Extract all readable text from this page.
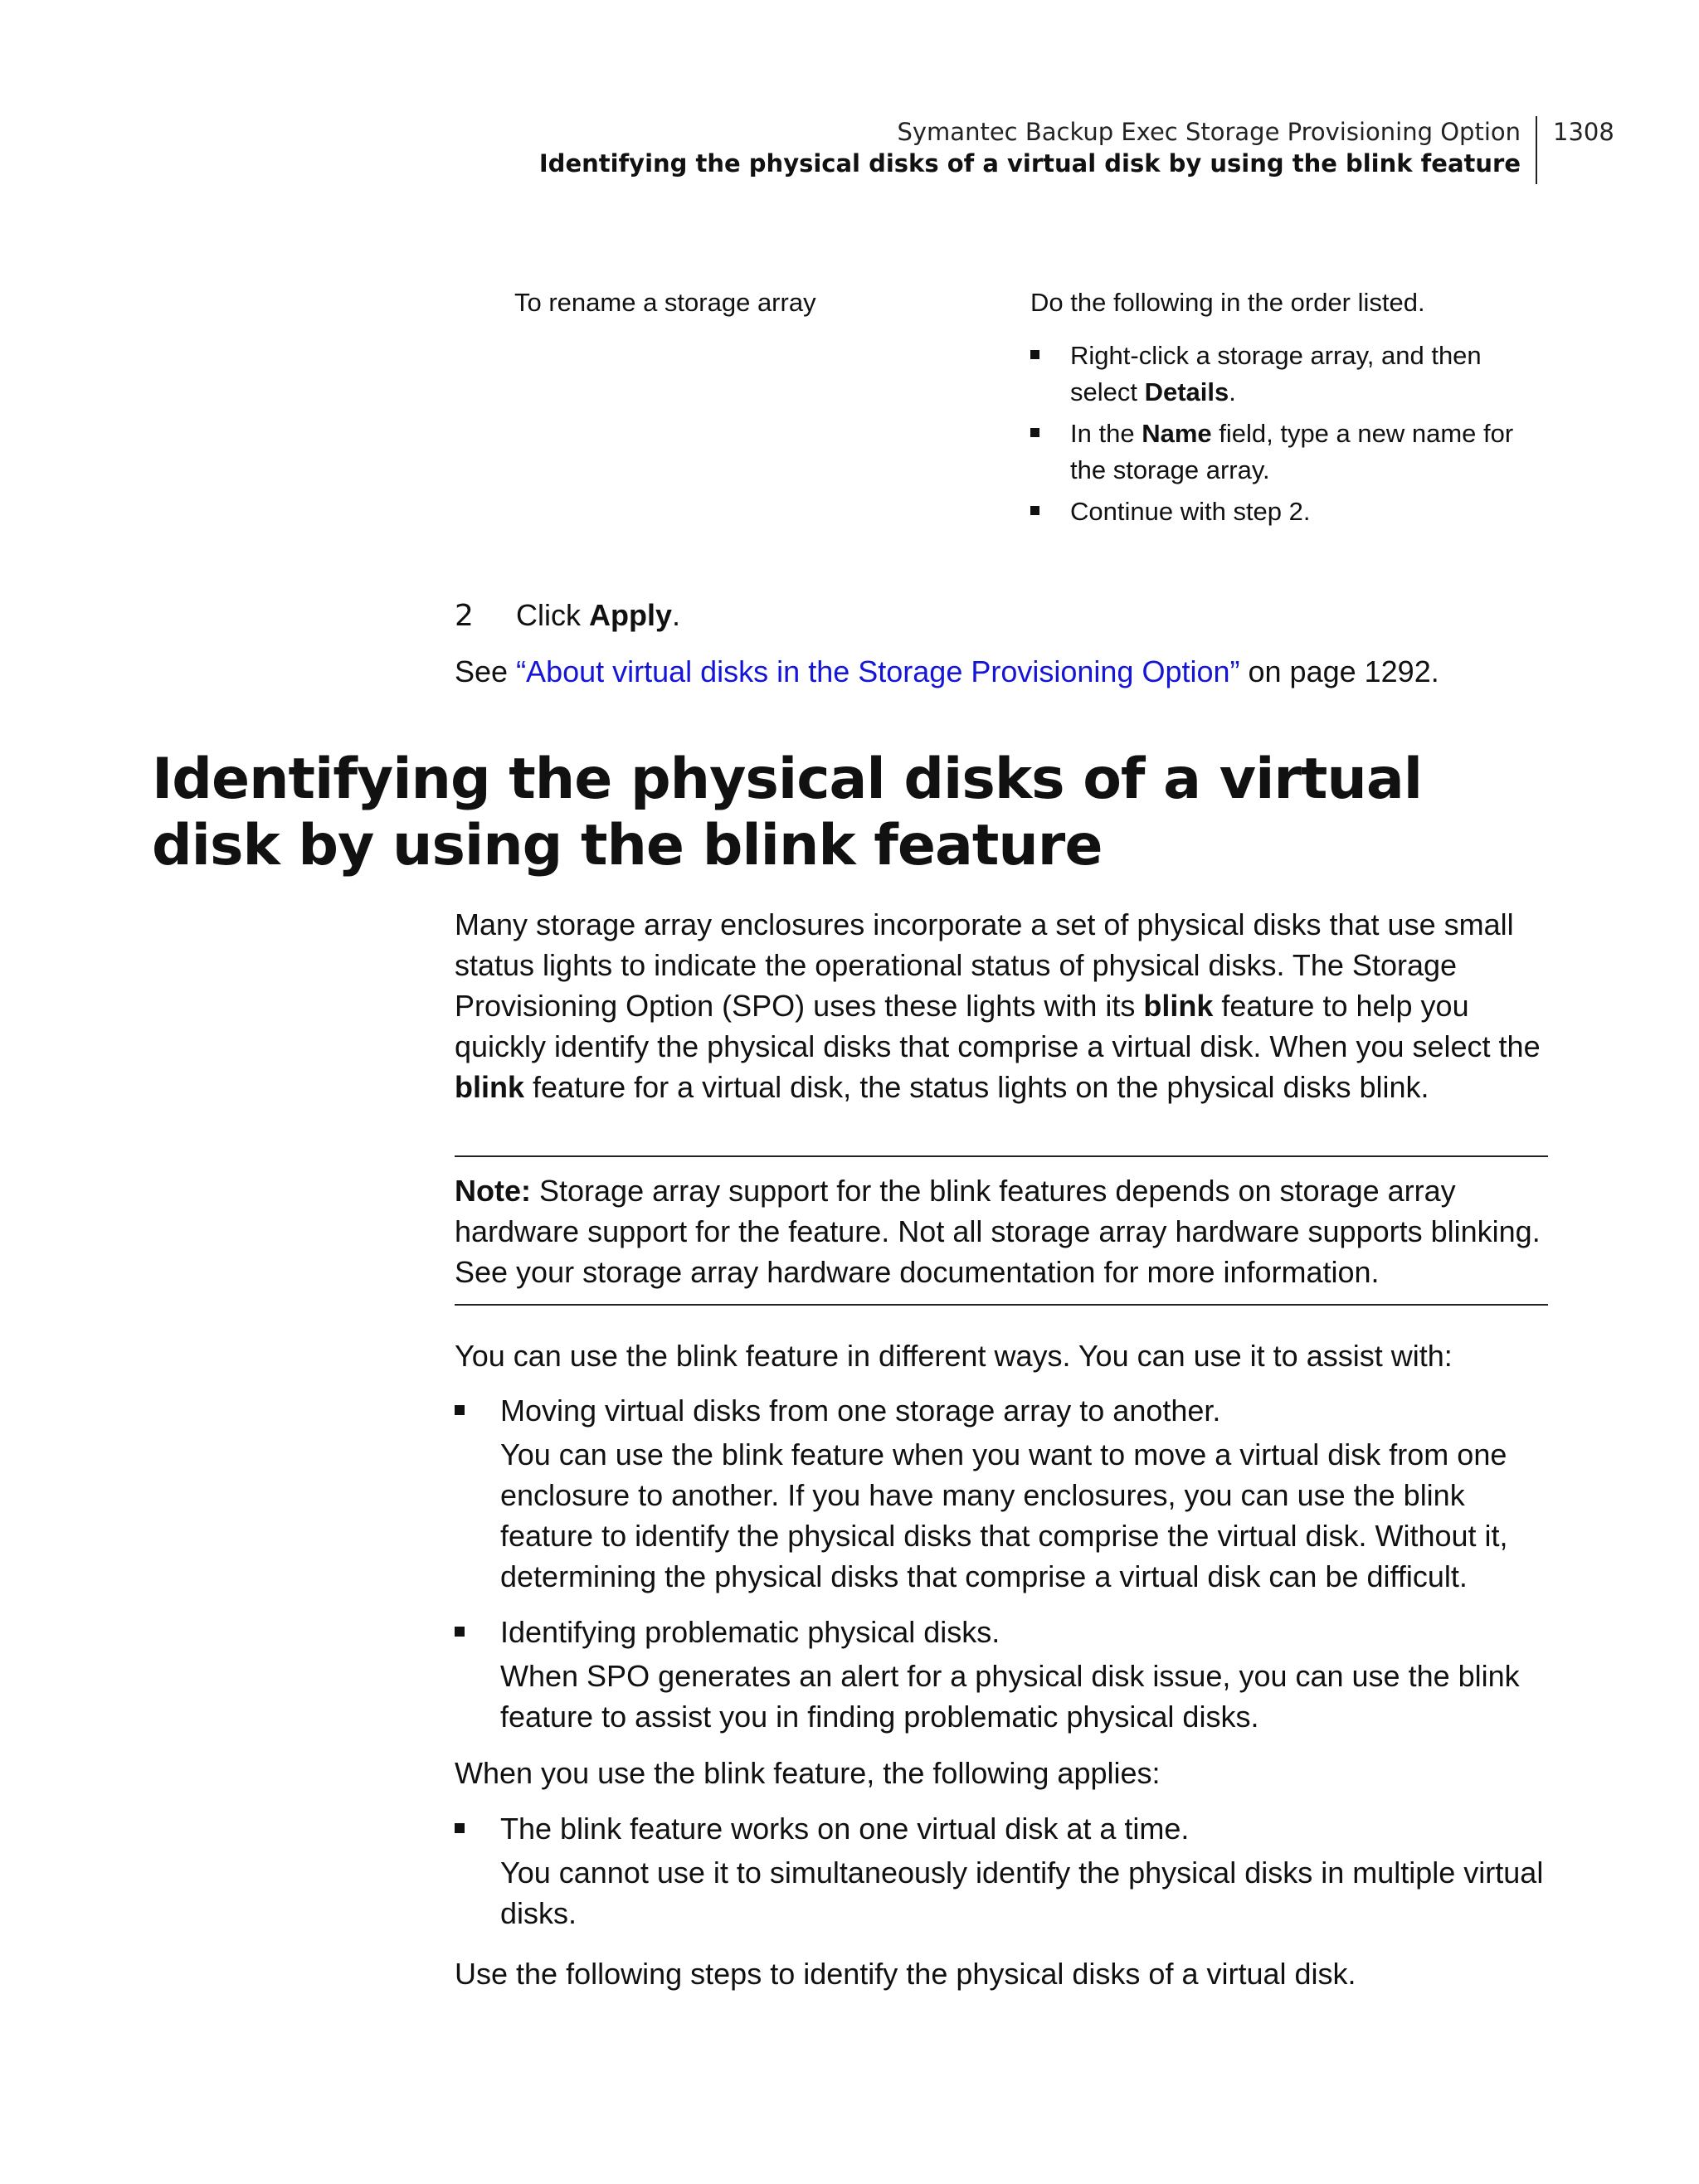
Symantec Backup Exec Storage Provisioning Option
Identifying the physical disks of a virtual disk by using the blink feature
1308
To rename a storage array	Do the following in the order listed.

Right-click a storage array, and then select Details.
In the Name field, type a new name for the storage array.
Continue with step 2.
2 Click Apply.
See “About virtual disks in the Storage Provisioning Option” on page 1292.
Identifying the physical disks of a virtual disk by using the blink feature

Many storage array enclosures incorporate a set of physical disks that use small status lights to indicate the operational status of physical disks. The Storage Provisioning Option (SPO) uses these lights with its blink feature to help you quickly identify the physical disks that comprise a virtual disk. When you select the blink feature for a virtual disk, the status lights on the physical disks blink.

Note: Storage array support for the blink features depends on storage array hardware support for the feature. Not all storage array hardware supports blinking. See your storage array hardware documentation for more information.

You can use the blink feature in different ways. You can use it to assist with:

Moving virtual disks from one storage array to another.
You can use the blink feature when you want to move a virtual disk from one enclosure to another. If you have many enclosures, you can use the blink feature to identify the physical disks that comprise the virtual disk. Without it, determining the physical disks that comprise a virtual disk can be difficult.
Identifying problematic physical disks.
When SPO generates an alert for a physical disk issue, you can use the blink feature to assist you in finding problematic physical disks.

When you use the blink feature, the following applies:

The blink feature works on one virtual disk at a time.
You cannot use it to simultaneously identify the physical disks in multiple virtual disks.

Use the following steps to identify the physical disks of a virtual disk.
